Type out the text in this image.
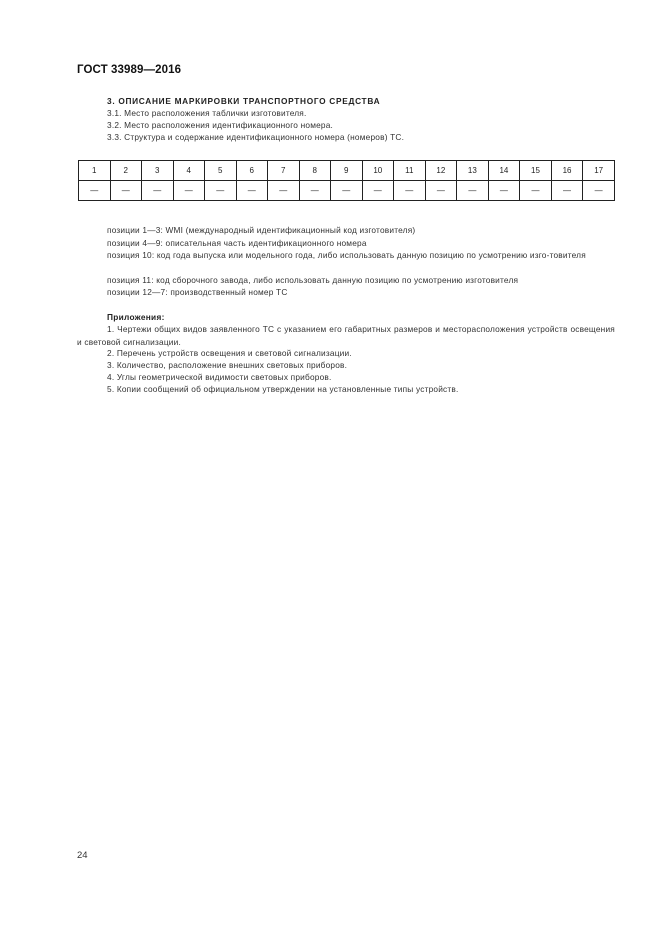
ГОСТ 33989—2016
3. ОПИСАНИЕ МАРКИРОВКИ ТРАНСПОРТНОГО СРЕДСТВА
3.1. Место расположения таблички изготовителя.
3.2. Место расположения идентификационного номера.
3.3. Структура и содержание идентификационного номера (номеров) ТС.
1	2	3	4	5	6	7	8	9	10	11	12	13	14	15	16	17
—	—	—	—	—	—	—	—	—	—	—	—	—	—	—	—	—
позиции 1—3: WMI (международный идентификационный код изготовителя)
позиции 4—9: описательная часть идентификационного номера
позиция 10: код года выпуска или модельного года, либо использовать данную позицию по усмотрению изго-товителя
позиция 11: код сборочного завода, либо использовать данную позицию по усмотрению изготовителя
позиции 12—7: производственный номер ТС
Приложения:
1. Чертежи общих видов заявленного ТС с указанием его габаритных размеров и месторасположения устройств освещения и световой сигнализации.
2. Перечень устройств освещения и световой сигнализации.
3. Количество, расположение внешних световых приборов.
4. Углы геометрической видимости световых приборов.
5. Копии сообщений об официальном утверждении на установленные типы устройств.
24
